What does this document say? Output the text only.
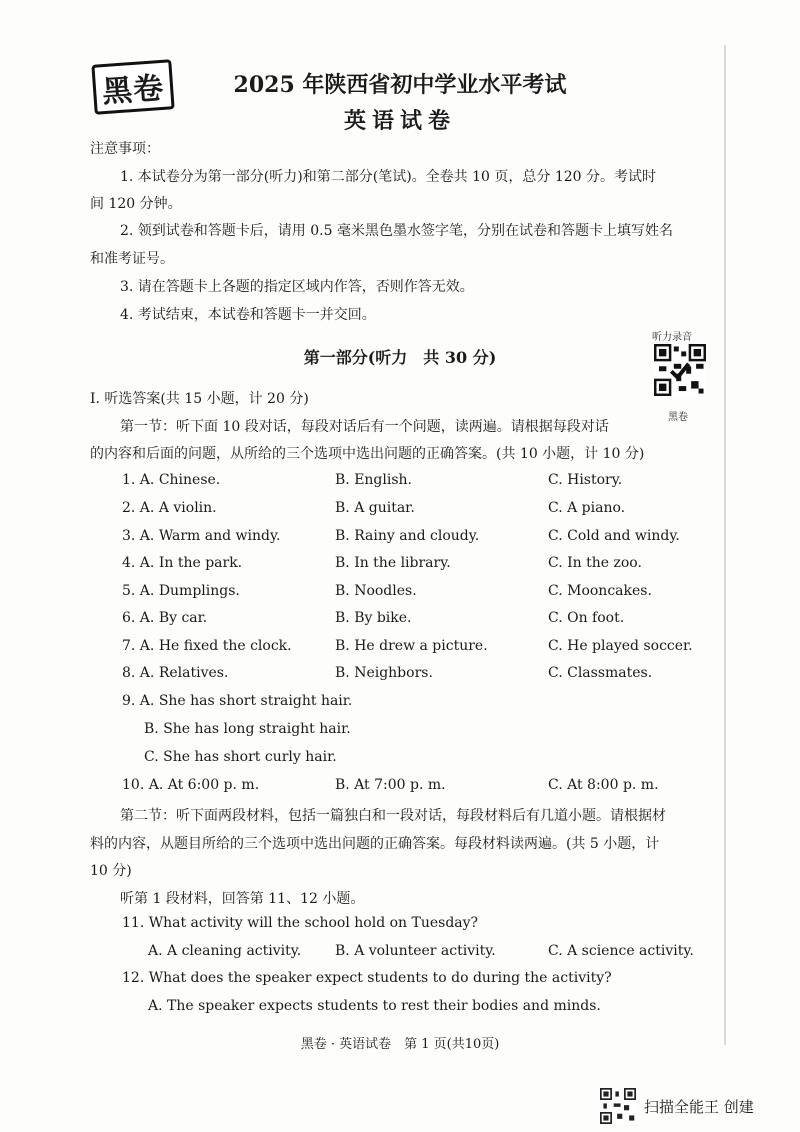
黑卷	2025 年陕西省初中学业水平考试
英语试卷
注意事项：
1. 本试卷分为第一部分(听力)和第二部分(笔试)。全卷共 10 页，总分 120 分。考试时
间 120 分钟。
2. 领到试卷和答题卡后，请用 0.5 毫米黑色墨水签字笔，分别在试卷和答题卡上填写姓名
和准考证号。
3. 请在答题卡上各题的指定区域内作答，否则作答无效。
4. 考试结束，本试卷和答题卡一并交回。
听力录音
黑卷
第一部分(听力　共 30 分)
Ⅰ. 听选答案(共 15 小题，计 20 分)
第一节：听下面 10 段对话，每段对话后有一个问题，读两遍。请根据每段对话
的内容和后面的问题，从所给的三个选项中选出问题的正确答案。(共 10 小题，计 10 分)
1. A. Chinese.	B. English.	C. History.
2. A. A violin.	B. A guitar.	C. A piano.
3. A. Warm and windy.	B. Rainy and cloudy.	C. Cold and windy.
4. A. In the park.	B. In the library.	C. In the zoo.
5. A. Dumplings.	B. Noodles.	C. Mooncakes.
6. A. By car.	B. By bike.	C. On foot.
7. A. He fixed the clock.	B. He drew a picture.	C. He played soccer.
8. A. Relatives.	B. Neighbors.	C. Classmates.
9. A. She has short straight hair.
B. She has long straight hair.
C. She has short curly hair.
10. A. At 6:00 p. m.	B. At 7:00 p. m.	C. At 8:00 p. m.
第二节：听下面两段材料，包括一篇独白和一段对话，每段材料后有几道小题。请根据材
料的内容，从题目所给的三个选项中选出问题的正确答案。每段材料读两遍。(共 5 小题，计
10 分)
听第 1 段材料，回答第 11、12 小题。
11. What activity will the school hold on Tuesday?
A. A cleaning activity. B. A volunteer activity.	C. A science activity.
12. What does the speaker expect students to do during the activity?
A. The speaker expects students to rest their bodies and minds.
黑卷 · 英语试卷　第 1 页(共10页)
扫描全能王 创建
